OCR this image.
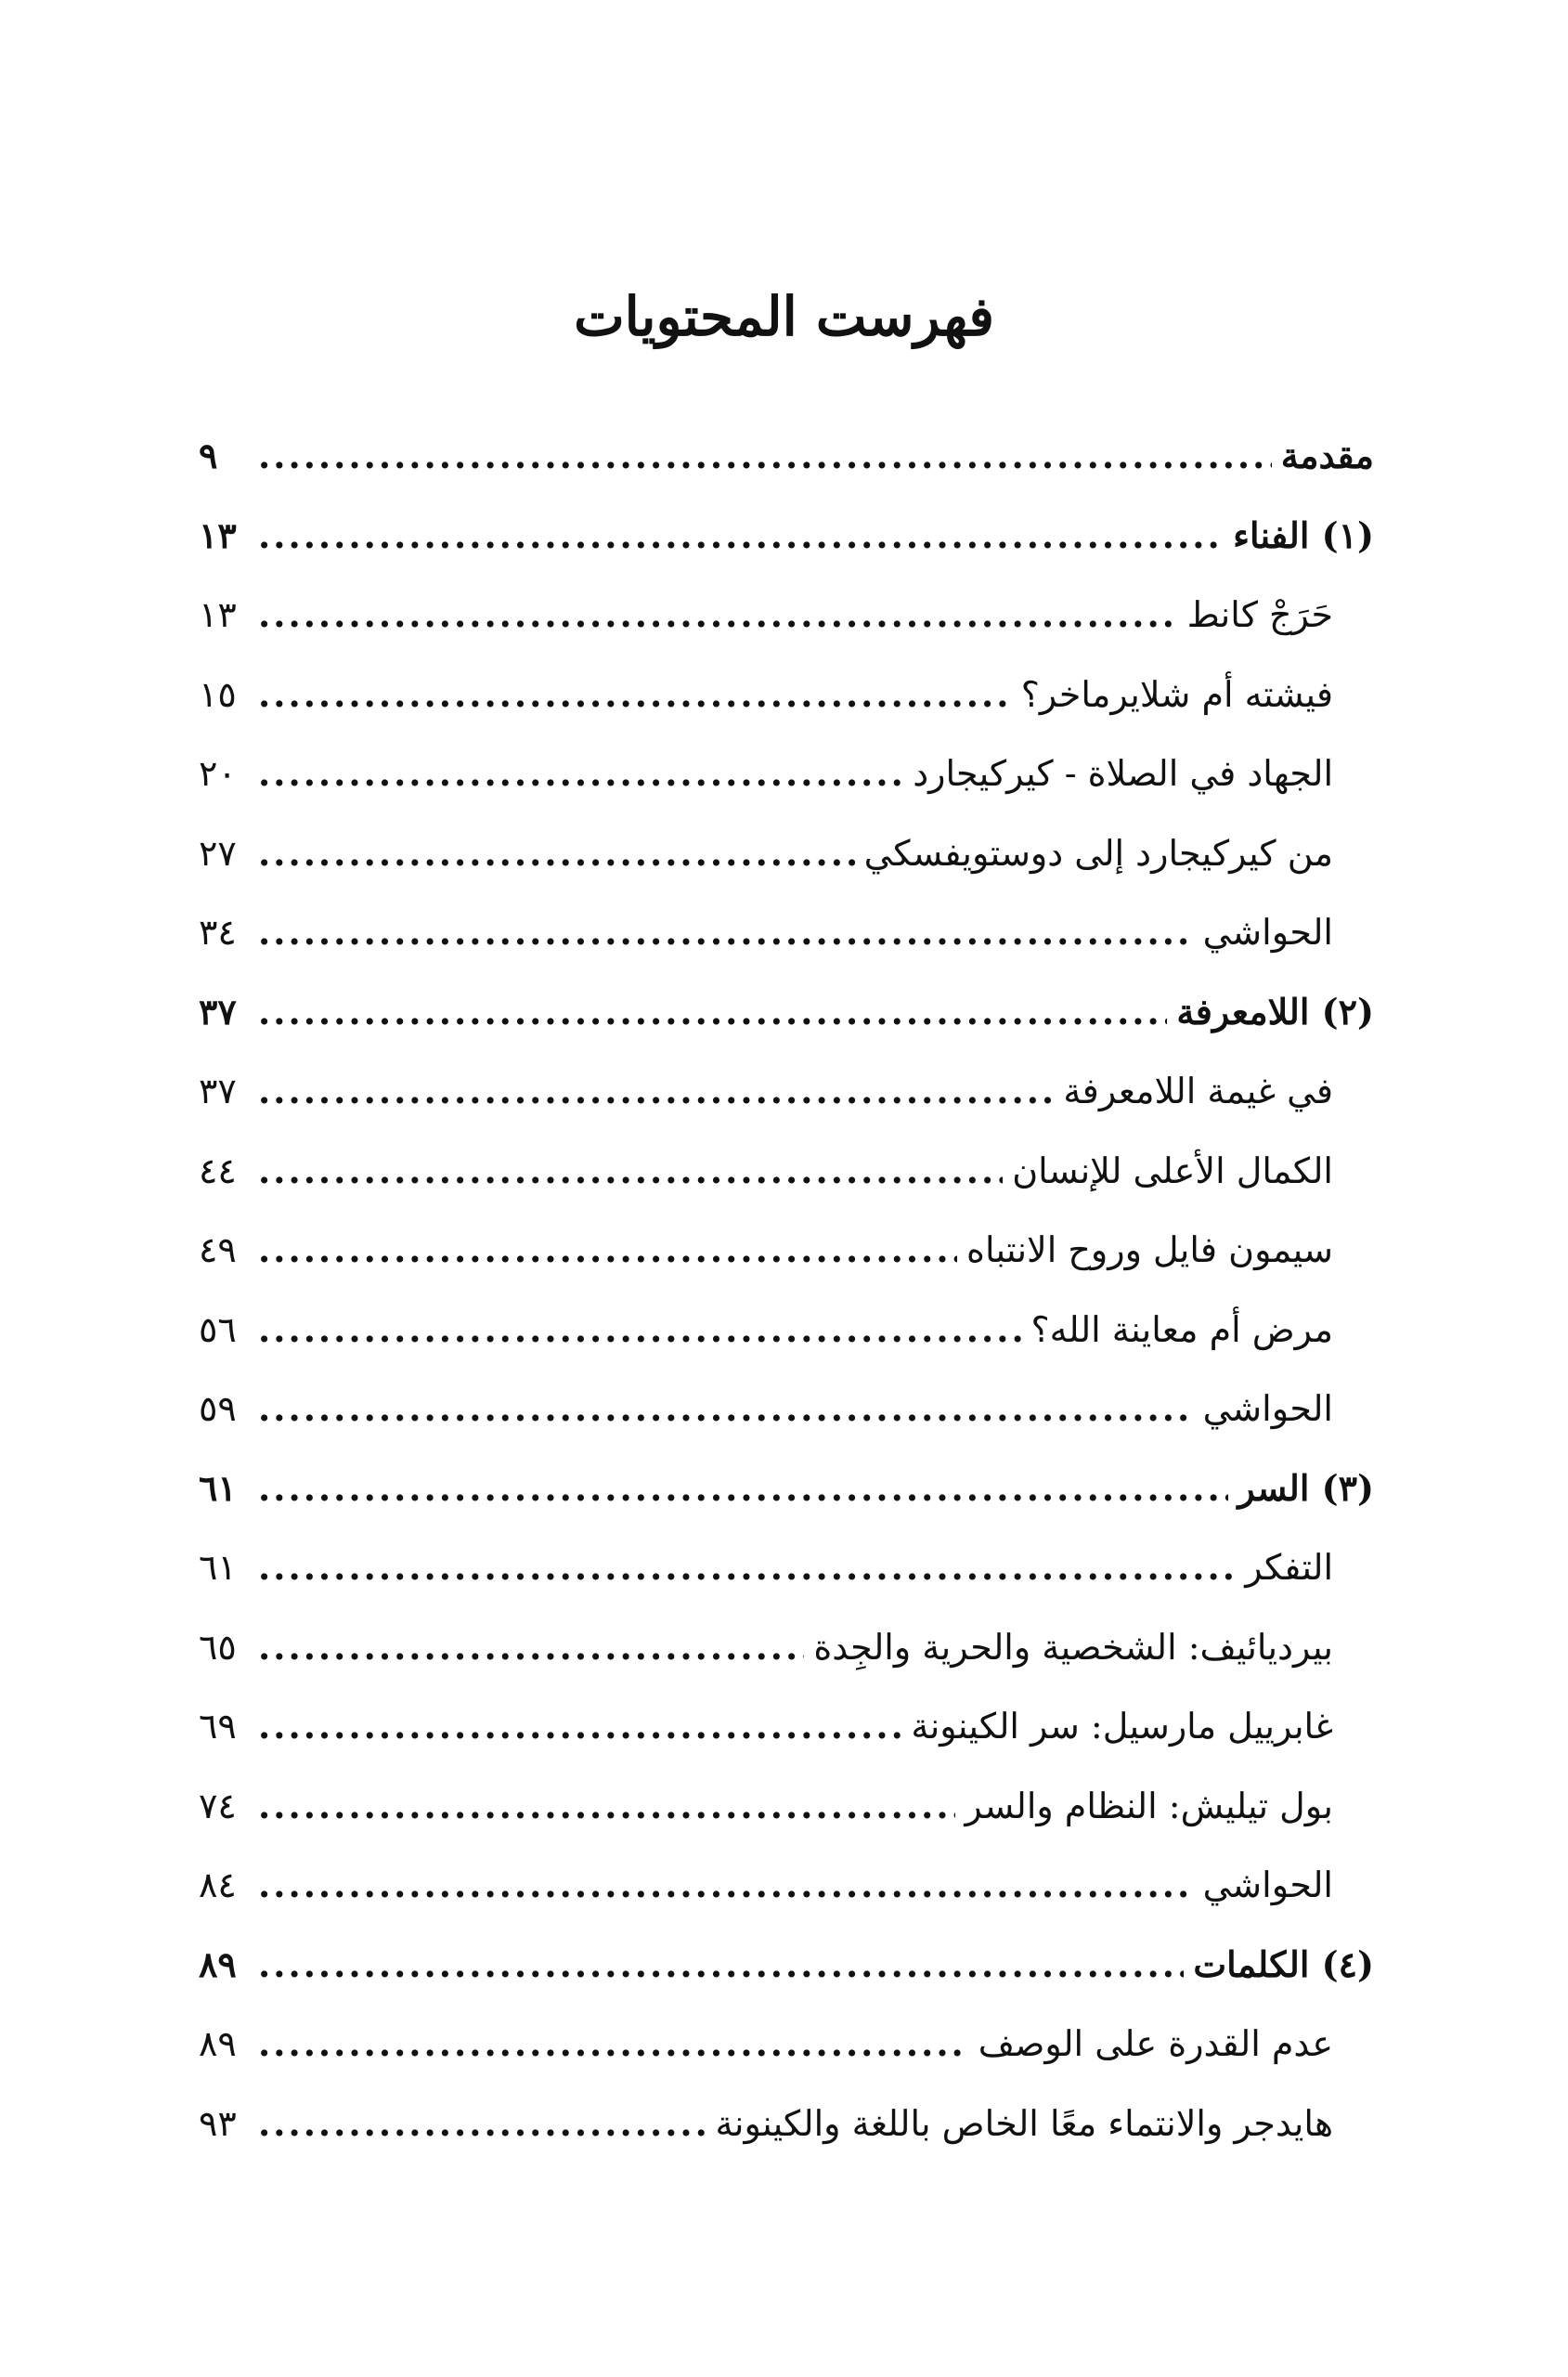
فهرست المحتويات
مقدمة
.....
٩
(١) الفناء
.....
١٣
حَرَجْ كانط
.....
١٣
فيشته أم شلايرماخر؟
.....
١٥
الجهاد في الصلاة - كيركيجارد
.....
٢٠
من كيركيجارد إلى دوستويفسكي
.....
٢٧
الحواشي
.....
٣٤
(٢) اللامعرفة
.....
٣٧
في غيمة اللامعرفة
.....
٣٧
الكمال الأعلى للإنسان
.....
٤٤
سيمون فايل وروح الانتباه
.....
٤٩
مرض أم معاينة الله؟
.....
٥٦
الحواشي
.....
٥٩
(٣) السر
.....
٦١
التفكر
.....
٦١
بيرديائيف: الشخصية والحرية والجِدة
.....
٦٥
غابرييل مارسيل: سر الكينونة
.....
٦٩
بول تيليش: النظام والسر
.....
٧٤
الحواشي
.....
٨٤
(٤) الكلمات
.....
٨٩
عدم القدرة على الوصف
.....
٨٩
هايدجر والانتماء معًا الخاص باللغة والكينونة
.....
٩٣
